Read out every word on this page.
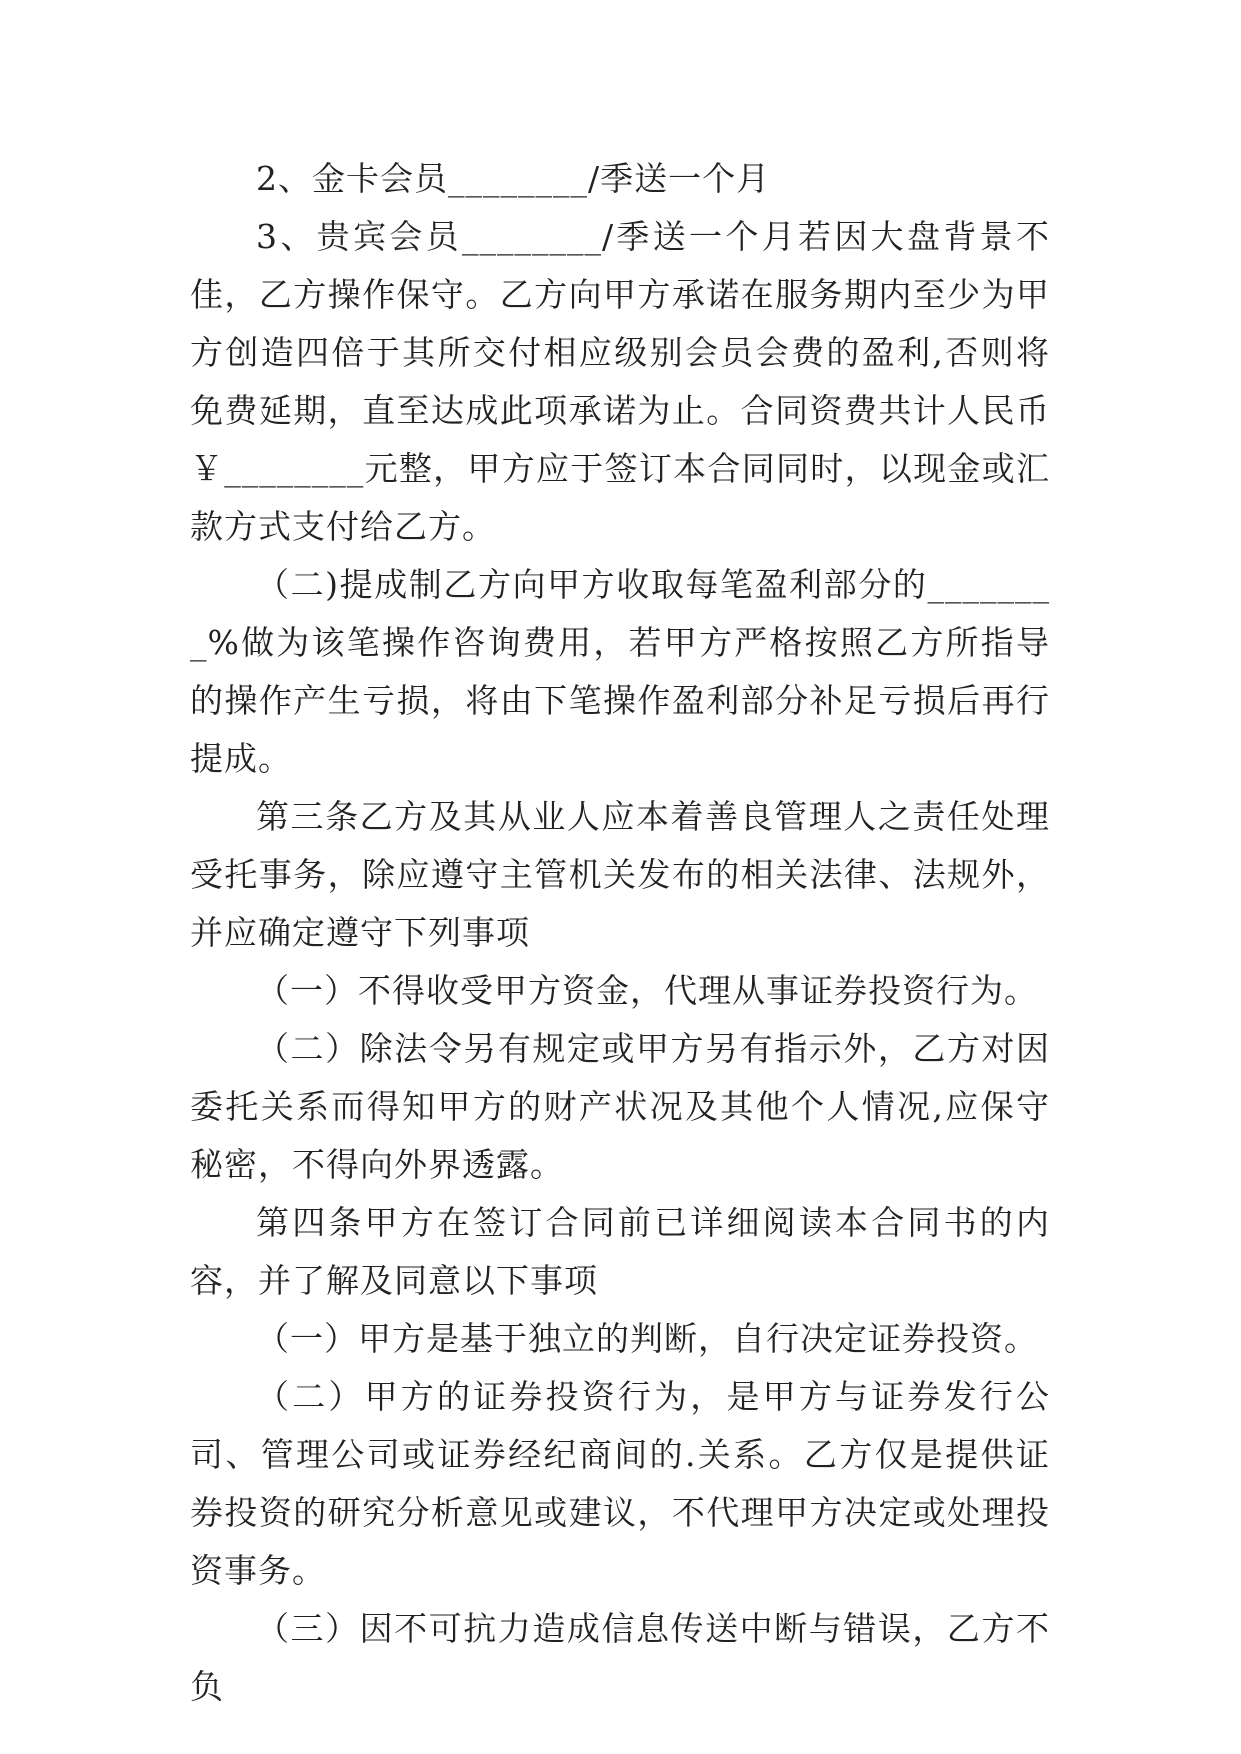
2、金卡会员________/季送一个月

3、贵宾会员________/季送一个月若因大盘背景不佳，乙方操作保守。乙方向甲方承诺在服务期内至少为甲方创造四倍于其所交付相应级别会员会费的盈利,否则将免费延期，直至达成此项承诺为止。合同资费共计人民币￥________元整，甲方应于签订本合同同时，以现金或汇款方式支付给乙方。

（二)提成制乙方向甲方收取每笔盈利部分的________%做为该笔操作咨询费用，若甲方严格按照乙方所指导的操作产生亏损，将由下笔操作盈利部分补足亏损后再行提成。

第三条乙方及其从业人应本着善良管理人之责任处理受托事务，除应遵守主管机关发布的相关法律、法规外，并应确定遵守下列事项

（一）不得收受甲方资金，代理从事证券投资行为。

（二）除法令另有规定或甲方另有指示外，乙方对因委托关系而得知甲方的财产状况及其他个人情况,应保守秘密，不得向外界透露。

第四条甲方在签订合同前已详细阅读本合同书的内容，并了解及同意以下事项

（一）甲方是基于独立的判断，自行决定证券投资。

（二）甲方的证券投资行为，是甲方与证券发行公司、管理公司或证券经纪商间的.关系。乙方仅是提供证券投资的研究分析意见或建议，不代理甲方决定或处理投资事务。

（三）因不可抗力造成信息传送中断与错误，乙方不负
